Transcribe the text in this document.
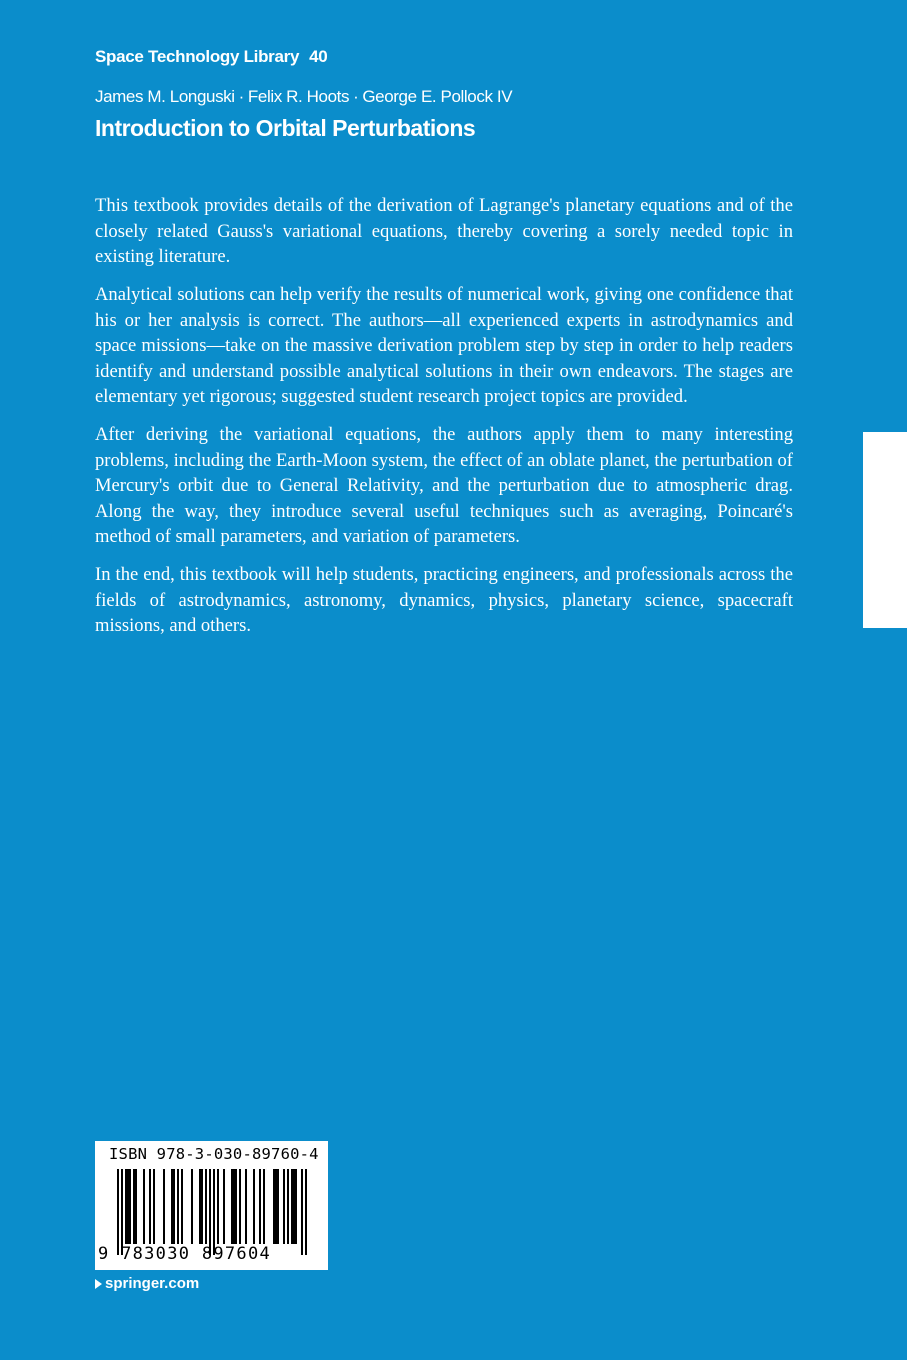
Space Technology Library 40
James M. Longuski · Felix R. Hoots · George E. Pollock IV
Introduction to Orbital Perturbations

This textbook provides details of the derivation of Lagrange's planetary equations and of the closely related Gauss's variational equations, thereby covering a sorely needed topic in existing literature.

Analytical solutions can help verify the results of numerical work, giving one confidence that his or her analysis is correct. The authors—all experienced experts in astrodynamics and space missions—take on the massive derivation problem step by step in order to help readers identify and understand possible analytical solutions in their own endeavors. The stages are elementary yet rigorous; suggested student research project topics are provided.

After deriving the variational equations, the authors apply them to many interesting problems, including the Earth-Moon system, the effect of an oblate planet, the perturbation of Mercury's orbit due to General Relativity, and the perturbation due to atmospheric drag. Along the way, they introduce several useful techniques such as averaging, Poincaré's method of small parameters, and variation of parameters.

In the end, this textbook will help students, practicing engineers, and professionals across the fields of astrodynamics, astronomy, dynamics, physics, planetary science, spacecraft missions, and others.

ISBN 978-3-030-89760-4
9 783030 897604
springer.com
